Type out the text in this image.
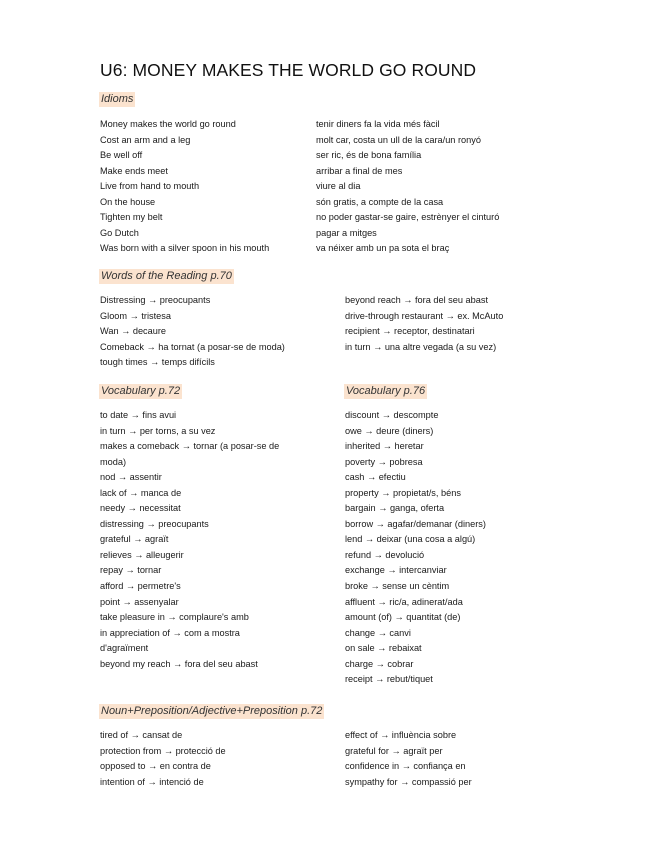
U6: MONEY MAKES THE WORLD GO ROUND
Idioms
Money makes the world go round
Cost an arm and a leg
Be well off
Make ends meet
Live from hand to mouth
On the house
Tighten my belt
Go Dutch
Was born with a silver spoon in his mouth
tenir diners fa la vida més fàcil
molt car, costa un ull de la cara/un ronyó
ser ric, és de bona família
arribar a final de mes
viure al dia
són gratis, a compte de la casa
no poder gastar-se gaire, estrènyer el cinturó
pagar a mitges
va néixer amb un pa sota el braç
Words of the Reading p.70
Distressing → preocupants
Gloom → tristesa
Wan → decaure
Comeback → ha tornat (a posar-se de moda)
tough times → temps difícils
beyond reach → fora del seu abast
drive-through restaurant → ex. McAuto
recipient → receptor, destinatari
in turn → una altre vegada (a su vez)
Vocabulary p.72
to date → fins avui
in turn → per torns, a su vez
makes a comeback → tornar (a posar-se de
moda)
nod → assentir
lack of → manca de
needy → necessitat
distressing → preocupants
grateful → agraït
relieves → alleugerir
repay → tornar
afford → permetre's
point → assenyalar
take pleasure in → complaure's amb
in appreciation of → com a mostra
d'agraïment
beyond my reach → fora del seu abast
Vocabulary p.76
discount → descompte
owe → deure (diners)
inherited → heretar
poverty → pobresa
cash → efectiu
property → propietat/s, béns
bargain → ganga, oferta
borrow → agafar/demanar (diners)
lend → deixar (una cosa a algú)
refund → devolució
exchange → intercanviar
broke → sense un cèntim
affluent → ric/a, adinerat/ada
amount (of) → quantitat (de)
change → canvi
on sale → rebaixat
charge → cobrar
receipt → rebut/tiquet
Noun+Preposition/Adjective+Preposition p.72
tired of → cansat de
protection from → protecció de
opposed to → en contra de
intention of → intenció de
effect of → influència sobre
grateful for → agraït per
confidence in → confiança en
sympathy for → compassió per
